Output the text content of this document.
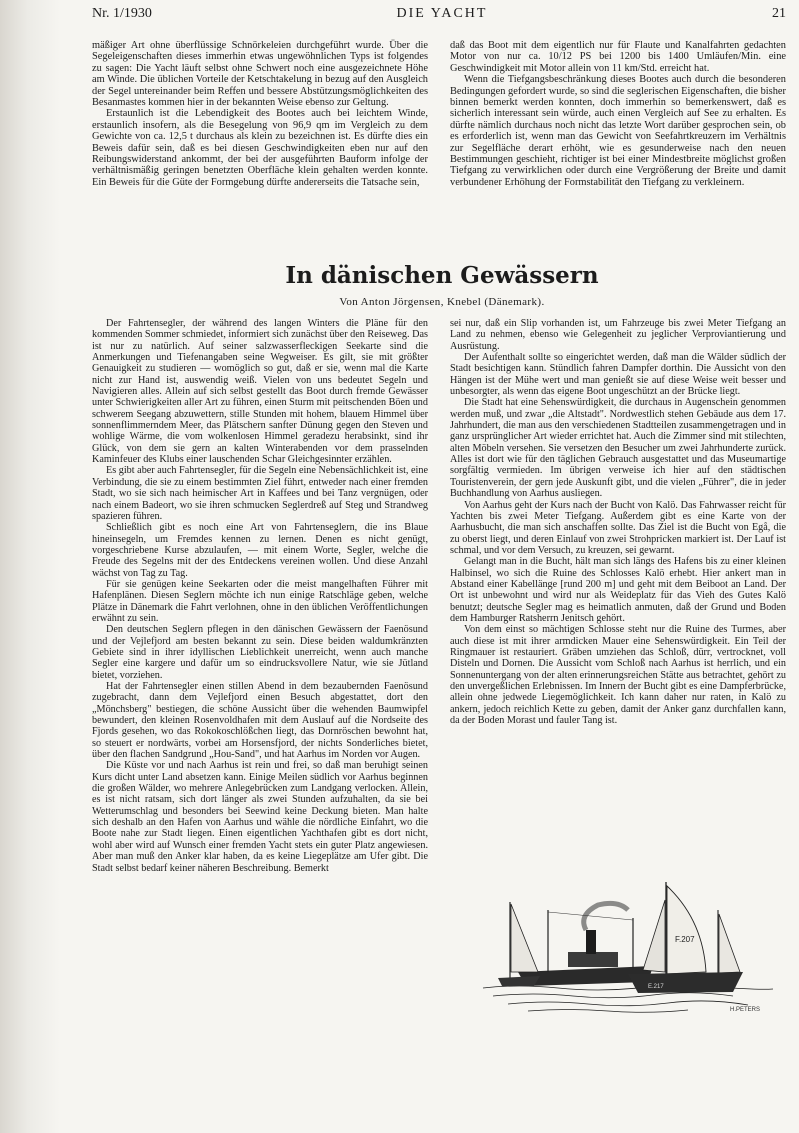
Nr. 1/1930	DIE YACHT	21

mäßiger Art ohne überflüssige Schnörkeleien durchgeführt wurde. Über die Segeleigenschaften dieses immerhin etwas ungewöhnlichen Typs ist folgendes zu sagen: Die Yacht läuft selbst ohne Schwert noch eine ausgezeichnete Höhe am Winde. Die üblichen Vorteile der Ketschtakelung in bezug auf den Ausgleich der Segel untereinander beim Reffen und bessere Abstützungsmöglichkeiten des Besanmastes kommen hier in der bekannten Weise ebenso zur Geltung.

Erstaunlich ist die Lebendigkeit des Bootes auch bei leichtem Winde, erstaunlich insofern, als die Besegelung von 96,9 qm im Vergleich zu dem Gewichte von ca. 12,5 t durchaus als klein zu bezeichnen ist. Es dürfte dies ein Beweis dafür sein, daß es bei diesen Geschwindigkeiten eben nur auf den Reibungswiderstand ankommt, der bei der ausgeführten Bauform infolge der verhältnismäßig geringen benetzten Oberfläche klein gehalten werden konnte. Ein Beweis für die Güte der Formgebung dürfte andererseits die Tatsache sein,

daß das Boot mit dem eigentlich nur für Flaute und Kanalfahrten gedachten Motor von nur ca. 10/12 PS bei 1200 bis 1400 Umläufen/Min. eine Geschwindigkeit mit Motor allein von 11 km/Std. erreicht hat.

Wenn die Tiefgangsbeschränkung dieses Bootes auch durch die besonderen Bedingungen gefordert wurde, so sind die seglerischen Eigenschaften, die bisher binnen bemerkt werden konnten, doch immerhin so bemerkenswert, daß es sicherlich interessant sein würde, auch einen Vergleich auf See zu erhalten. Es dürfte nämlich durchaus noch nicht das letzte Wort darüber gesprochen sein, ob es erforderlich ist, wenn man das Gewicht von Seefahrtkreuzern im Verhältnis zur Segelfläche derart erhöht, wie es gesunderweise nach den neuen Bestimmungen geschieht, richtiger ist bei einer Mindestbreite möglichst großen Tiefgang zu verwirklichen oder durch eine Vergrößerung der Breite und damit verbundener Erhöhung der Formstabilität den Tiefgang zu verkleinern.

In dänischen Gewässern
Von Anton Jörgensen, Knebel (Dänemark).

Der Fahrtensegler, der während des langen Winters die Pläne für den kommenden Sommer schmiedet, informiert sich zunächst über den Reiseweg. Das ist nur zu natürlich. Auf seiner salzwasserfleckigen Seekarte sind die Anmerkungen und Tiefenangaben seine Wegweiser. Es gilt, sie mit größter Genauigkeit zu studieren — womöglich so gut, daß er sie, wenn mal die Karte nicht zur Hand ist, auswendig weiß. Vielen von uns bedeutet Segeln und Navigieren alles. Allein auf sich selbst gestellt das Boot durch fremde Gewässer unter Schwierigkeiten aller Art zu führen, einen Sturm mit peitschenden Böen und schwerem Seegang abzuwettern, stille Stunden mit hohem, blauem Himmel über sonnenflimmerndem Meer, das Plätschern sanfter Dünung gegen den Steven und wohlige Wärme, die vom wolkenlosen Himmel geradezu herabsinkt, sind ihr Glück, von dem sie gern an kalten Winterabenden vor dem prasselnden Kaminfeuer des Klubs einer lauschenden Schar Gleichgesinnter erzählen.

Es gibt aber auch Fahrtensegler, für die Segeln eine Nebensächlichkeit ist, eine Verbindung, die sie zu einem bestimmten Ziel führt, entweder nach einer fremden Stadt, wo sie sich nach heimischer Art in Kaffees und bei Tanz vergnügen, oder nach einem Badeort, wo sie ihren schmucken Seglerdreß auf Steg und Strandweg spazieren führen.

Schließlich gibt es noch eine Art von Fahrtenseglern, die ins Blaue hineinsegeln, um Fremdes kennen zu lernen. Denen es nicht genügt, vorgeschriebene Kurse abzulaufen, — mit einem Worte, Segler, welche die Freude des Segelns mit der des Entdeckens vereinen wollen. Und diese Anzahl wächst von Tag zu Tag.

Für sie genügen keine Seekarten oder die meist mangelhaften Führer mit Hafenplänen. Diesen Seglern möchte ich nun einige Ratschläge geben, welche Plätze in Dänemark die Fahrt verlohnen, ohne in den üblichen Veröffentlichungen erwähnt zu sein.

Den deutschen Seglern pflegen in den dänischen Gewässern der Faenösund und der Vejlefjord am besten bekannt zu sein. Diese beiden waldumkränzten Gebiete sind in ihrer idyllischen Lieblichkeit unerreicht, wenn auch manche Segler eine kargere und dafür um so eindrucksvollere Natur, wie sie Jütland bietet, vorziehen.

Hat der Fahrtensegler einen stillen Abend in dem bezaubernden Faenösund zugebracht, dann dem Vejlefjord einen Besuch abgestattet, dort den „Mönchsberg" bestiegen, die schöne Aussicht über die wehenden Baumwipfel bewundert, den kleinen Rosenvoldhafen mit dem Auslauf auf die Nordseite des Fjords gesehen, wo das Rokokoschlößchen liegt, das Dornröschen bewohnt hat, so steuert er nordwärts, vorbei am Horsensfjord, der nichts Sonderliches bietet, über den flachen Sandgrund „Hou-Sand", und hat Aarhus im Norden vor Augen.

Die Küste vor und nach Aarhus ist rein und frei, so daß man beruhigt seinen Kurs dicht unter Land absetzen kann. Einige Meilen südlich vor Aarhus beginnen die großen Wälder, wo mehrere Anlegebrücken zum Landgang verlocken. Allein, es ist nicht ratsam, sich dort länger als zwei Stunden aufzuhalten, da sie bei Wetterumschlag und besonders bei Seewind keine Deckung bieten. Man halte sich deshalb an den Hafen von Aarhus und wähle die nördliche Einfahrt, wo die Boote nahe zur Stadt liegen. Einen eigentlichen Yachthafen gibt es dort nicht, wohl aber wird auf Wunsch einer fremden Yacht stets ein guter Platz angewiesen. Aber man muß den Anker klar haben, da es keine Liegeplätze am Ufer gibt. Die Stadt selbst bedarf keiner näheren Beschreibung. Bemerkt

sei nur, daß ein Slip vorhanden ist, um Fahrzeuge bis zwei Meter Tiefgang an Land zu nehmen, ebenso wie Gelegenheit zu jeglicher Verproviantierung und Ausrüstung.

Der Aufenthalt sollte so eingerichtet werden, daß man die Wälder südlich der Stadt besichtigen kann. Stündlich fahren Dampfer dorthin. Die Aussicht von den Hängen ist der Mühe wert und man genießt sie auf diese Weise weit besser und unbesorgter, als wenn das eigene Boot ungeschützt an der Brücke liegt.

Die Stadt hat eine Sehenswürdigkeit, die durchaus in Augenschein genommen werden muß, und zwar „die Altstadt". Nordwestlich stehen Gebäude aus dem 17. Jahrhundert, die man aus den verschiedenen Stadtteilen zusammengetragen und in ganz ursprünglicher Art wieder errichtet hat. Auch die Zimmer sind mit stilechten, alten Möbeln versehen. Sie versetzen den Besucher um zwei Jahrhunderte zurück. Alles ist dort wie für den täglichen Gebrauch ausgestattet und das Museumartige sorgfältig vermieden. Im übrigen verweise ich hier auf den städtischen Touristenverein, der gern jede Auskunft gibt, und die vielen „Führer", die in jeder Buchhandlung von Aarhus ausliegen.

Von Aarhus geht der Kurs nach der Bucht von Kalö. Das Fahrwasser reicht für Yachten bis zwei Meter Tiefgang. Außerdem gibt es eine Karte von der Aarhusbucht, die man sich anschaffen sollte. Das Ziel ist die Bucht von Egå, die zu oberst liegt, und deren Einlauf von zwei Strohpricken markiert ist. Der Lauf ist schmal, und vor dem Versuch, zu kreuzen, sei gewarnt.

Gelangt man in die Bucht, hält man sich längs des Hafens bis zu einer kleinen Halbinsel, wo sich die Ruine des Schlosses Kalö erhebt. Hier ankert man in Abstand einer Kabellänge [rund 200 m] und geht mit dem Beiboot an Land. Der Ort ist unbewohnt und wird nur als Weideplatz für das Vieh des Gutes Kalö benutzt; deutsche Segler mag es heimatlich anmuten, daß der Grund und Boden dem Hamburger Ratsherrn Jenitsch gehört.

Von dem einst so mächtigen Schlosse steht nur die Ruine des Turmes, aber auch diese ist mit ihrer armdicken Mauer eine Sehenswürdigkeit. Ein Teil der Ringmauer ist restauriert. Gräben umziehen das Schloß, dürr, vertrocknet, voll Disteln und Dornen. Die Aussicht vom Schloß nach Aarhus ist herrlich, und ein Sonnenuntergang von der alten erinnerungsreichen Stätte aus betrachtet, gehört zu den unvergeßlichen Erlebnissen. Im Innern der Bucht gibt es eine Dampferbrücke, allein ohne jedwede Liegemöglichkeit. Ich kann daher nur raten, in Kalö zu ankern, jedoch reichlich Kette zu geben, damit der Anker ganz durchfallen kann, da der Boden Morast und fauler Tang ist.

F.207
E.217
H.PETERS
